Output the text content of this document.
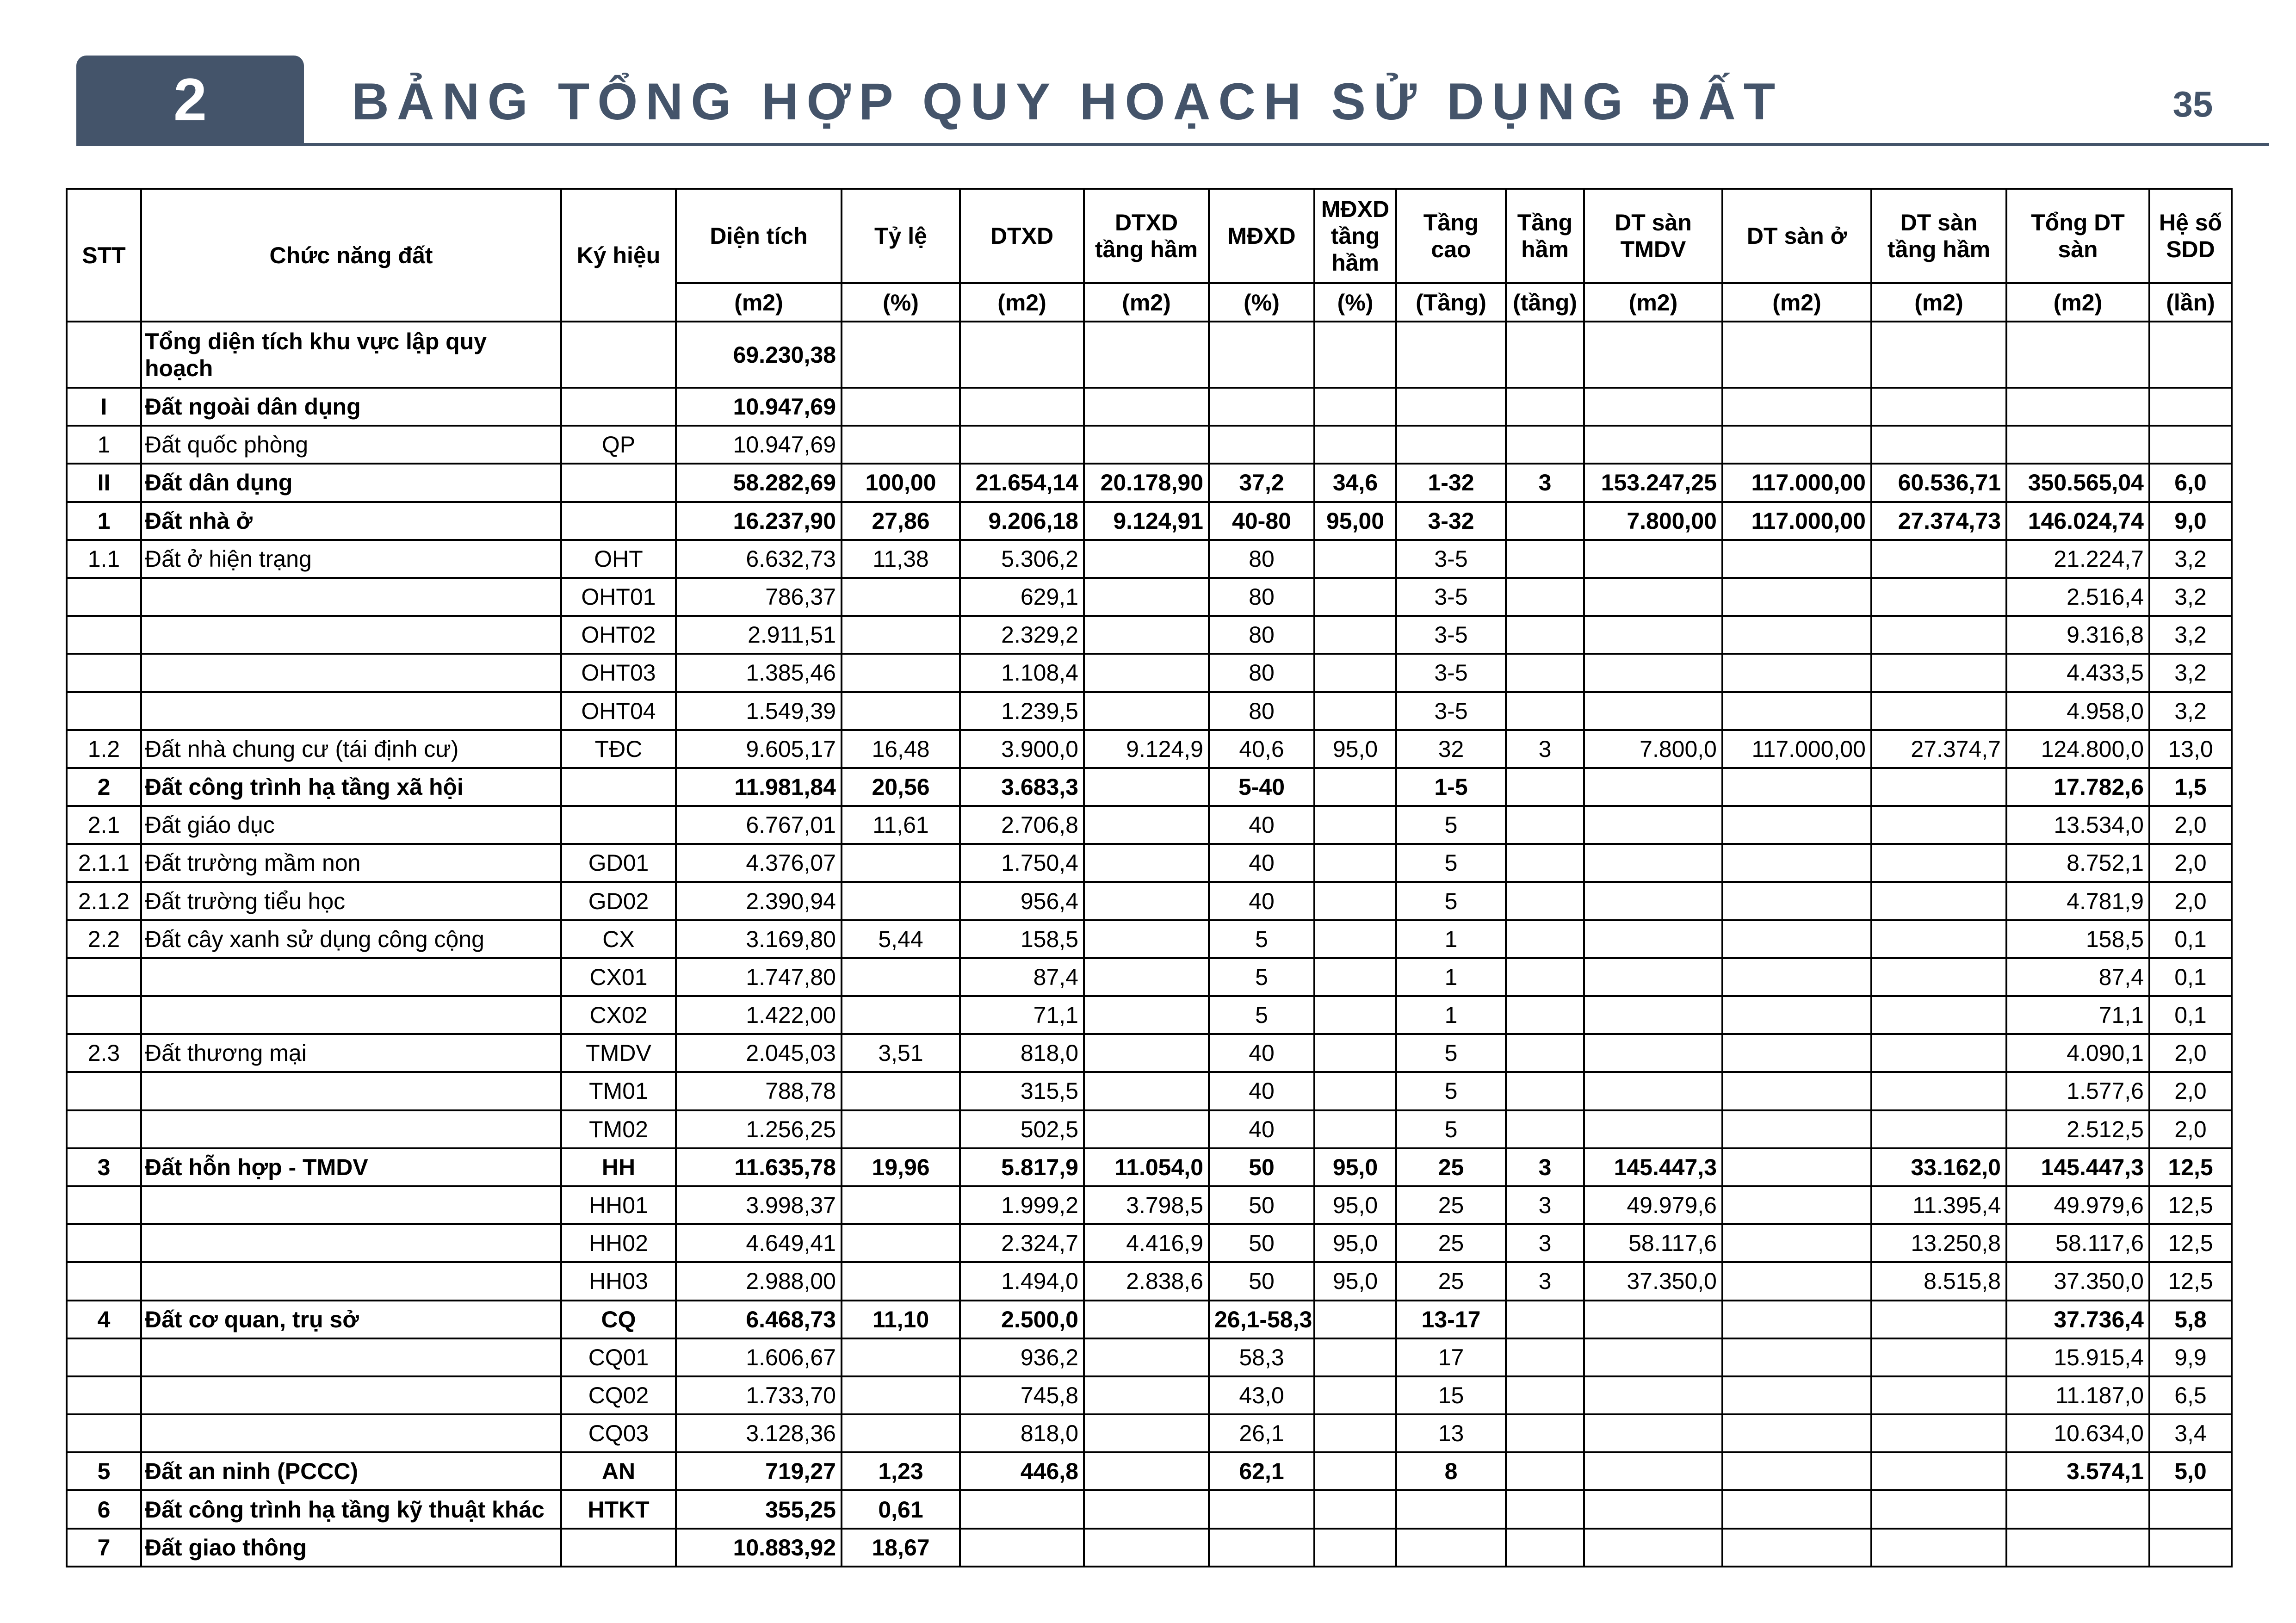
2	BẢNG TỔNG HỢP QUY HOẠCH SỬ DỤNG ĐẤT	35
STT	Chức năng đất	Ký hiệu	Diện tích	Tỷ lệ	DTXD	DTXD tầng hầm	MĐXD	MĐXD tầng hầm	Tầng cao	Tầng hầm	DT sàn TMDV	DT sàn ở	DT sàn tầng hầm	Tổng DT sàn	Hệ số SDD
			(m2)	(%)	(m2)	(m2)	(%)	(%)	(Tầng)	(tầng)	(m2)	(m2)	(m2)	(m2)	(lần)
	Tổng diện tích khu vực lập quy hoạch		69.230,38												
I	Đất ngoài dân dụng		10.947,69												
1	Đất quốc phòng	QP	10.947,69												
II	Đất dân dụng		58.282,69	100,00	21.654,14	20.178,90	37,2	34,6	1-32	3	153.247,25	117.000,00	60.536,71	350.565,04	6,0
1	Đất nhà ở		16.237,90	27,86	9.206,18	9.124,91	40-80	95,00	3-32		7.800,00	117.000,00	27.374,73	146.024,74	9,0
1.1	Đất ở hiện trạng	OHT	6.632,73	11,38	5.306,2		80		3-5					21.224,7	3,2
		OHT01	786,37		629,1		80		3-5					2.516,4	3,2
		OHT02	2.911,51		2.329,2		80		3-5					9.316,8	3,2
		OHT03	1.385,46		1.108,4		80		3-5					4.433,5	3,2
		OHT04	1.549,39		1.239,5		80		3-5					4.958,0	3,2
1.2	Đất nhà chung cư (tái định cư)	TĐC	9.605,17	16,48	3.900,0	9.124,9	40,6	95,0	32	3	7.800,0	117.000,00	27.374,7	124.800,0	13,0
2	Đất công trình hạ tầng xã hội		11.981,84	20,56	3.683,3		5-40		1-5					17.782,6	1,5
2.1	Đất giáo dục		6.767,01	11,61	2.706,8		40		5					13.534,0	2,0
2.1.1	Đất trường mầm non	GD01	4.376,07		1.750,4		40		5					8.752,1	2,0
2.1.2	Đất trường tiểu học	GD02	2.390,94		956,4		40		5					4.781,9	2,0
2.2	Đất cây xanh sử dụng công cộng	CX	3.169,80	5,44	158,5		5		1					158,5	0,1
		CX01	1.747,80		87,4		5		1					87,4	0,1
		CX02	1.422,00		71,1		5		1					71,1	0,1
2.3	Đất thương mại	TMDV	2.045,03	3,51	818,0		40		5					4.090,1	2,0
		TM01	788,78		315,5		40		5					1.577,6	2,0
		TM02	1.256,25		502,5		40		5					2.512,5	2,0
3	Đất hỗn hợp - TMDV	HH	11.635,78	19,96	5.817,9	11.054,0	50	95,0	25	3	145.447,3		33.162,0	145.447,3	12,5
		HH01	3.998,37		1.999,2	3.798,5	50	95,0	25	3	49.979,6		11.395,4	49.979,6	12,5
		HH02	4.649,41		2.324,7	4.416,9	50	95,0	25	3	58.117,6		13.250,8	58.117,6	12,5
		HH03	2.988,00		1.494,0	2.838,6	50	95,0	25	3	37.350,0		8.515,8	37.350,0	12,5
4	Đất cơ quan, trụ sở	CQ	6.468,73	11,10	2.500,0		26,1-58,3		13-17					37.736,4	5,8
		CQ01	1.606,67		936,2		58,3		17					15.915,4	9,9
		CQ02	1.733,70		745,8		43,0		15					11.187,0	6,5
		CQ03	3.128,36		818,0		26,1		13					10.634,0	3,4
5	Đất an ninh (PCCC)	AN	719,27	1,23	446,8		62,1		8					3.574,1	5,0
6	Đất công trình hạ tầng kỹ thuật khác	HTKT	355,25	0,61											
7	Đất giao thông		10.883,92	18,67											
